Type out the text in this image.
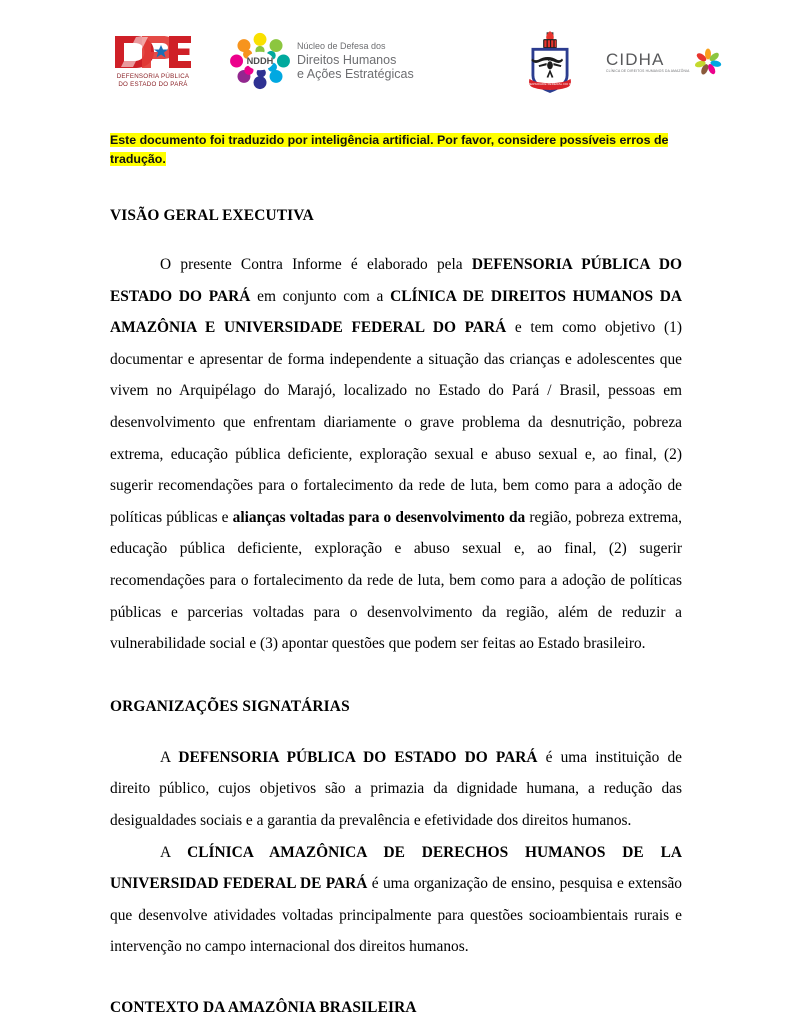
DEFENSORIA PÚBLICA
DO ESTADO DO PARÁ
NDDH
Núcleo de Defesa dos
Direitos Humanos
e Ações Estratégicas
UNIVERSIDADE FEDERAL DO PARÁ
CIDHA
CLÍNICA DE DIREITOS HUMANOS DA AMAZÔNIA
Este documento foi traduzido por inteligência artificial. Por favor, considere possíveis erros de tradução.
VISÃO GERAL EXECUTIVA

O presente Contra Informe é elaborado pela DEFENSORIA PÚBLICA DO ESTADO DO PARÁ em conjunto com a CLÍNICA DE DIREITOS HUMANOS DA AMAZÔNIA E UNIVERSIDADE FEDERAL DO PARÁ e tem como objetivo (1) documentar e apresentar de forma independente a situação das crianças e adolescentes que vivem no Arquipélago do Marajó, localizado no Estado do Pará / Brasil, pessoas em desenvolvimento que enfrentam diariamente o grave problema da desnutrição, pobreza extrema, educação pública deficiente, exploração sexual e abuso sexual e, ao final, (2) sugerir recomendações para o fortalecimento da rede de luta, bem como para a adoção de políticas públicas e alianças voltadas para o desenvolvimento da região, pobreza extrema, educação pública deficiente, exploração e abuso sexual e, ao final, (2) sugerir recomendações para o fortalecimento da rede de luta, bem como para a adoção de políticas públicas e parcerias voltadas para o desenvolvimento da região, além de reduzir a vulnerabilidade social e (3) apontar questões que podem ser feitas ao Estado brasileiro.

ORGANIZAÇÕES SIGNATÁRIAS

A DEFENSORIA PÚBLICA DO ESTADO DO PARÁ é uma instituição de direito público, cujos objetivos são a primazia da dignidade humana, a redução das desigualdades sociais e a garantia da prevalência e efetividade dos direitos humanos.

A CLÍNICA AMAZÔNICA DE DERECHOS HUMANOS DE LA UNIVERSIDAD FEDERAL DE PARÁ é uma organização de ensino, pesquisa e extensão que desenvolve atividades voltadas principalmente para questões socioambientais rurais e intervenção no campo internacional dos direitos humanos.

CONTEXTO DA AMAZÔNIA BRASILEIRA
